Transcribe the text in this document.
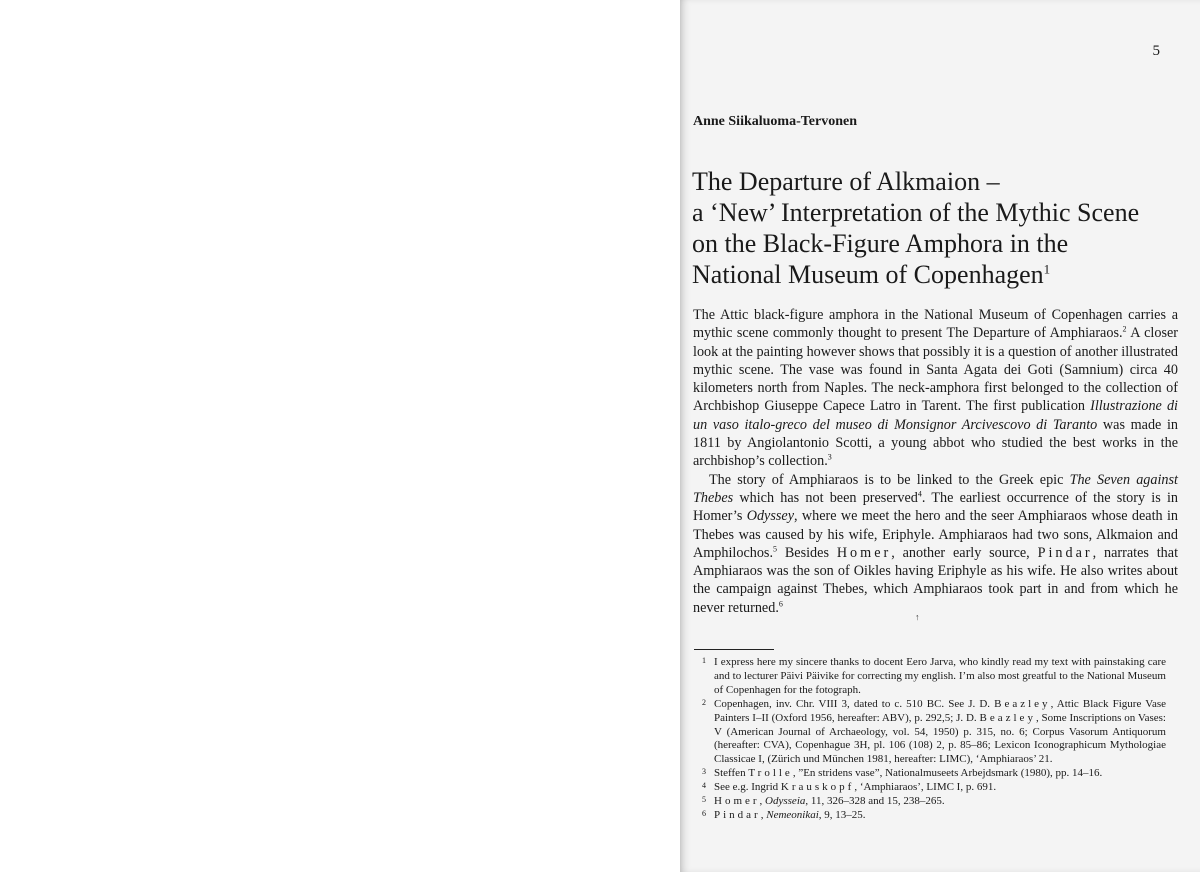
5
Anne Siikaluoma-Tervonen
The Departure of Alkmaion –
a ‘New’ Interpretation of the Mythic Scene
on the Black-Figure Amphora in the
National Museum of Copenhagen$^1$

The Attic black-figure amphora in the National Museum of Copenhagen carries a mythic scene commonly thought to present The Departure of Amphiaraos.$^2$ A closer look at the painting however shows that possibly it is a question of another illustrated mythic scene. The vase was found in Santa Agata dei Goti (Samnium) circa 40 kilometers north from Naples. The neck-amphora first belonged to the collection of Archbishop Giuseppe Capece Latro in Tarent. The first publication Illustrazione di un vaso italo-greco del museo di Monsignor Arcivescovo di Taranto was made in 1811 by Angiolantonio Scotti, a young abbot who studied the best works in the archbishop’s collection.$^3$

The story of Amphiaraos is to be linked to the Greek epic The Seven against Thebes which has not been preserved$^4$. The earliest occurrence of the story is in Homer’s Odyssey, where we meet the hero and the seer Amphiaraos whose death in Thebes was caused by his wife, Eriphyle. Amphiaraos had two sons, Alkmaion and Amphilochos.$^5$ Besides Homer, another early source, Pindar, narrates that Amphiaraos was the son of Oikles having Eriphyle as his wife. He also writes about the campaign against Thebes, which Amphiaraos took part in and from which he never returned.$^6$

1 I express here my sincere thanks to docent Eero Jarva, who kindly read my text with painstaking care and to lecturer Päivi Päivike for correcting my english. I’m also most greatful to the National Museum of Copenhagen for the fotograph.
2 Copenhagen, inv. Chr. VIII 3, dated to c. 510 BC. See J. D. Beazley, Attic Black Figure Vase Painters I–II (Oxford 1956, hereafter: ABV), p. 292,5; J. D. Beazley, Some Inscriptions on Vases: V (American Journal of Archaeology, vol. 54, 1950) p. 315, no. 6; Corpus Vasorum Antiquorum (hereafter: CVA), Copenhague 3H, pl. 106 (108) 2, p. 85–86; Lexicon Iconographicum Mythologiae Classicae I, (Zürich und München 1981, hereafter: LIMC), ‘Amphiaraos’ 21.
3 Steffen Trolle, ”En stridens vase”, Nationalmuseets Arbejdsmark (1980), pp. 14–16.
4 See e.g. Ingrid Krauskopf, ‘Amphiaraos’, LIMC I, p. 691.
5 Homer, Odysseia, 11, 326–328 and 15, 238–265.
6 Pindar, Nemeonikai, 9, 13–25.
↑
